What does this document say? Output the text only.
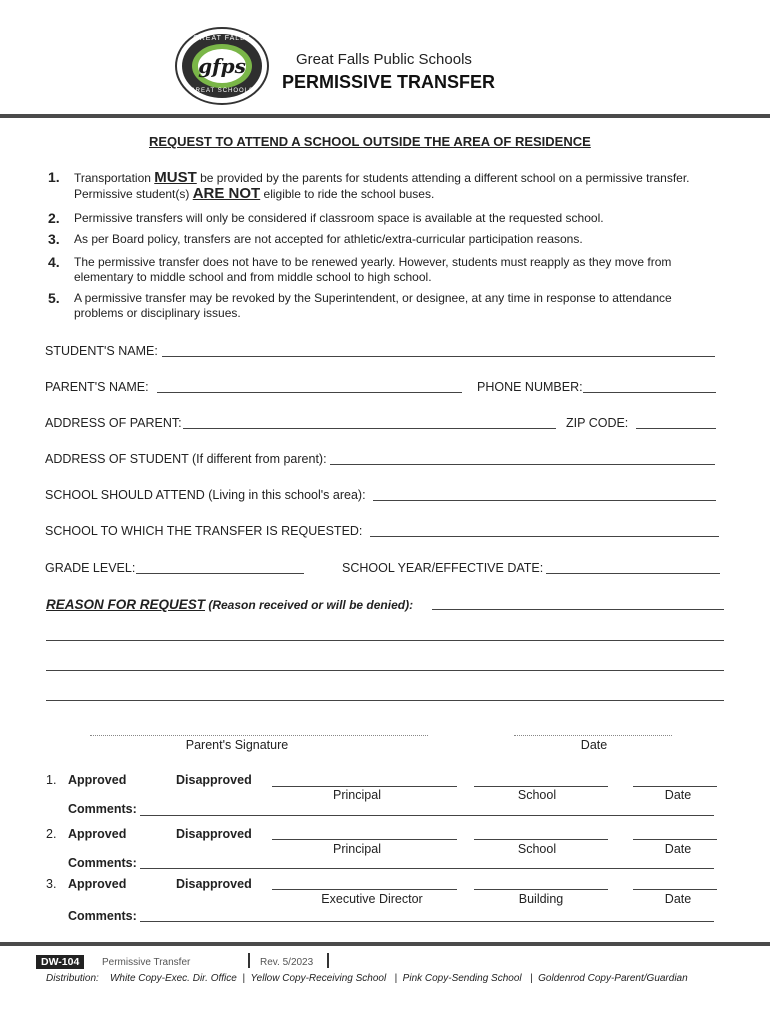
gfps
GREAT FALLS
GREAT SCHOOLS
Great Falls Public Schools
PERMISSIVE TRANSFER
REQUEST TO ATTEND A SCHOOL OUTSIDE THE AREA OF RESIDENCE
1. Transportation MUST be provided by the parents for students attending a different school on a permissive transfer.
Permissive student(s) ARE NOT eligible to ride the school buses.
2. Permissive transfers will only be considered if classroom space is available at the requested school.
3. As per Board policy, transfers are not accepted for athletic/extra-curricular participation reasons.
4. The permissive transfer does not have to be renewed yearly. However, students must reapply as they move from
elementary to middle school and from middle school to high school.
5. A permissive transfer may be revoked by the Superintendent, or designee, at any time in response to attendance
problems or disciplinary issues.
STUDENT'S NAME:
PARENT'S NAME:	PHONE NUMBER:
ADDRESS OF PARENT:	ZIP CODE:
ADDRESS OF STUDENT (If different from parent):
SCHOOL SHOULD ATTEND (Living in this school's area):
SCHOOL TO WHICH THE TRANSFER IS REQUESTED:
GRADE LEVEL:	SCHOOL YEAR/EFFECTIVE DATE:
REASON FOR REQUEST (Reason received or will be denied):
Parent's Signature	Date
1. Approved	Disapproved
Principal	School	Date
Comments:
2. Approved	Disapproved
Principal	School	Date
Comments:
3. Approved	Disapproved
Executive Director	Building	Date
Comments:
DW-104	Permissive Transfer	Rev. 5/2023
Distribution: White Copy-Exec. Dir. Office  |  Yellow Copy-Receiving School   |  Pink Copy-Sending School   |  Goldenrod Copy-Parent/Guardian
